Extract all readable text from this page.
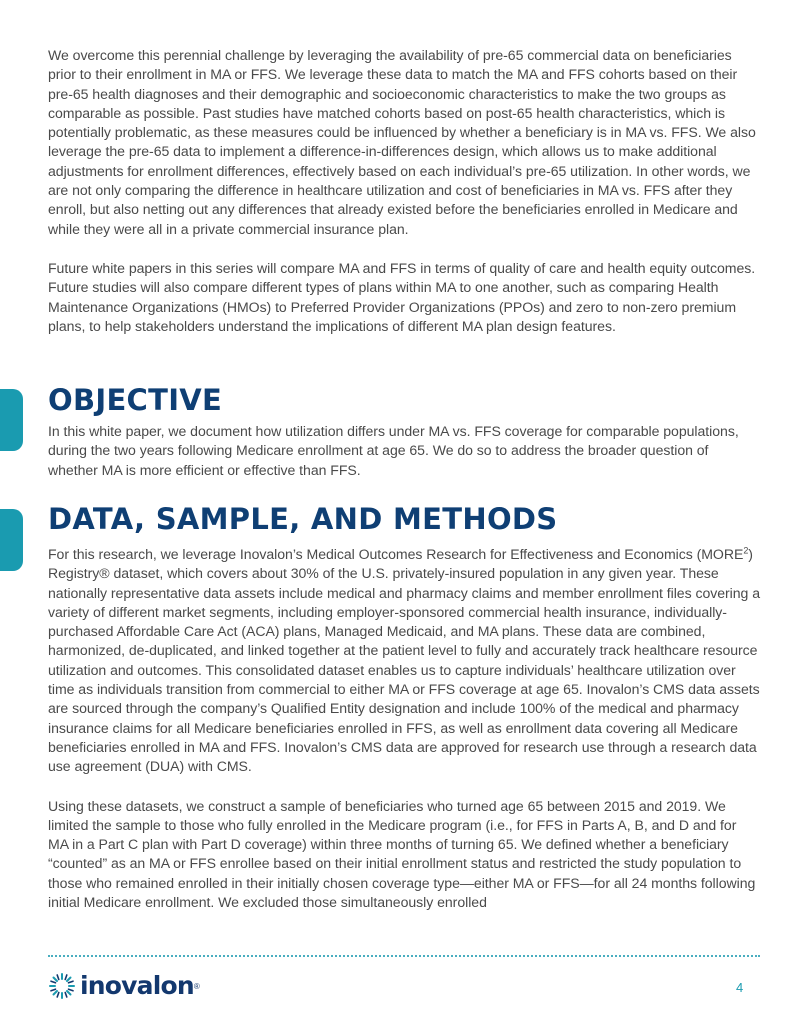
We overcome this perennial challenge by leveraging the availability of pre-65 commercial data on beneficiaries prior to their enrollment in MA or FFS. We leverage these data to match the MA and FFS cohorts based on their pre-65 health diagnoses and their demographic and socioeconomic characteristics to make the two groups as comparable as possible. Past studies have matched cohorts based on post-65 health characteristics, which is potentially problematic, as these measures could be influenced by whether a beneficiary is in MA vs. FFS. We also leverage the pre-65 data to implement a difference-in-differences design, which allows us to make additional adjustments for enrollment differences, effectively based on each individual’s pre-65 utilization. In other words, we are not only comparing the difference in healthcare utilization and cost of beneficiaries in MA vs. FFS after they enroll, but also netting out any differences that already existed before the beneficiaries enrolled in Medicare and while they were all in a private commercial insurance plan.

Future white papers in this series will compare MA and FFS in terms of quality of care and health equity outcomes. Future studies will also compare different types of plans within MA to one another, such as comparing Health Maintenance Organizations (HMOs) to Preferred Provider Organizations (PPOs) and zero to non-zero premium plans, to help stakeholders understand the implications of different MA plan design features.

OBJECTIVE

In this white paper, we document how utilization differs under MA vs. FFS coverage for comparable populations, during the two years following Medicare enrollment at age 65. We do so to address the broader question of whether MA is more efficient or effective than FFS.

DATA, SAMPLE, AND METHODS

For this research, we leverage Inovalon’s Medical Outcomes Research for Effectiveness and Economics (MORE$^2$) Registry® dataset, which covers about 30% of the U.S. privately-insured population in any given year. These nationally representative data assets include medical and pharmacy claims and member enrollment files covering a variety of different market segments, including employer-sponsored commercial health insurance, individually-purchased Affordable Care Act (ACA) plans, Managed Medicaid, and MA plans. These data are combined, harmonized, de-duplicated, and linked together at the patient level to fully and accurately track healthcare resource utilization and outcomes. This consolidated dataset enables us to capture individuals’ healthcare utilization over time as individuals transition from commercial to either MA or FFS coverage at age 65. Inovalon’s CMS data assets are sourced through the company’s Qualified Entity designation and include 100% of the medical and pharmacy insurance claims for all Medicare beneficiaries enrolled in FFS, as well as enrollment data covering all Medicare beneficiaries enrolled in MA and FFS. Inovalon’s CMS data are approved for research use through a research data use agreement (DUA) with CMS.

Using these datasets, we construct a sample of beneficiaries who turned age 65 between 2015 and 2019. We limited the sample to those who fully enrolled in the Medicare program (i.e., for FFS in Parts A, B, and D and for MA in a Part C plan with Part D coverage) within three months of turning 65. We defined whether a beneficiary “counted” as an MA or FFS enrollee based on their initial enrollment status and restricted the study population to those who remained enrolled in their initially chosen coverage type—either MA or FFS—for all 24 months following initial Medicare enrollment. We excluded those simultaneously enrolled

inovalon ®	4
